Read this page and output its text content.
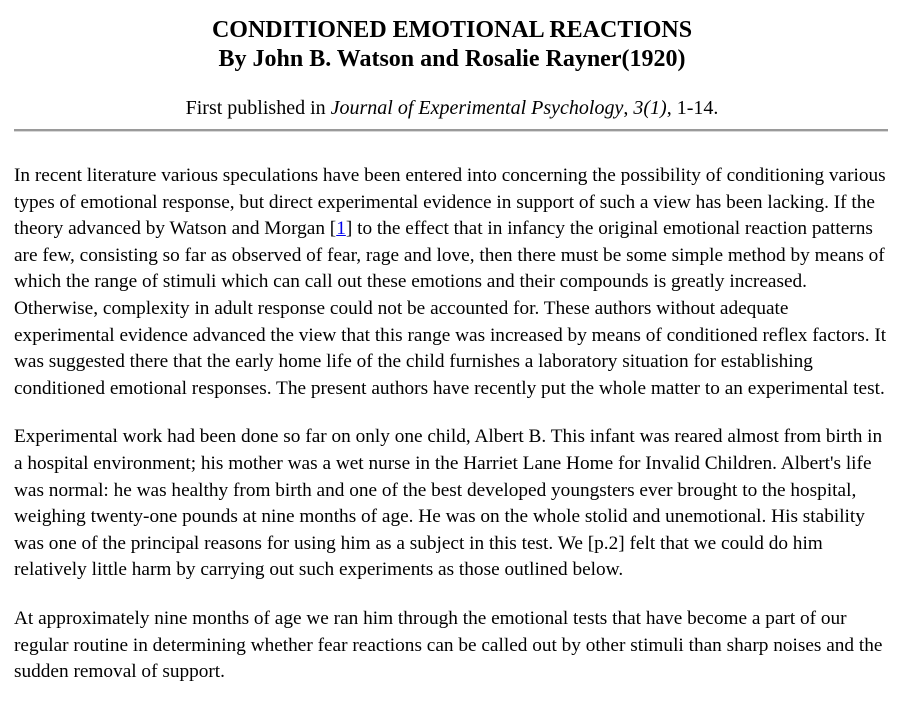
CONDITIONED EMOTIONAL REACTIONS
By John B. Watson and Rosalie Rayner(1920)
First published in Journal of Experimental Psychology, 3(1), 1-14.

In recent literature various speculations have been entered into concerning the possibility of conditioning various types of emotional response, but direct experimental evidence in support of such a view has been lacking. If the theory advanced by Watson and Morgan [1] to the effect that in infancy the original emotional reaction patterns are few, consisting so far as observed of fear, rage and love, then there must be some simple method by means of which the range of stimuli which can call out these emotions and their compounds is greatly increased. Otherwise, complexity in adult response could not be accounted for. These authors without adequate experimental evidence advanced the view that this range was increased by means of conditioned reflex factors. It was suggested there that the early home life of the child furnishes a laboratory situation for establishing conditioned emotional responses. The present authors have recently put the whole matter to an experimental test.

Experimental work had been done so far on only one child, Albert B. This infant was reared almost from birth in a hospital environment; his mother was a wet nurse in the Harriet Lane Home for Invalid Children. Albert's life was normal: he was healthy from birth and one of the best developed youngsters ever brought to the hospital, weighing twenty-one pounds at nine months of age. He was on the whole stolid and unemotional. His stability was one of the principal reasons for using him as a subject in this test. We [p.2] felt that we could do him relatively little harm by carrying out such experiments as those outlined below.

At approximately nine months of age we ran him through the emotional tests that have become a part of our regular routine in determining whether fear reactions can be called out by other stimuli than sharp noises and the sudden removal of support.
